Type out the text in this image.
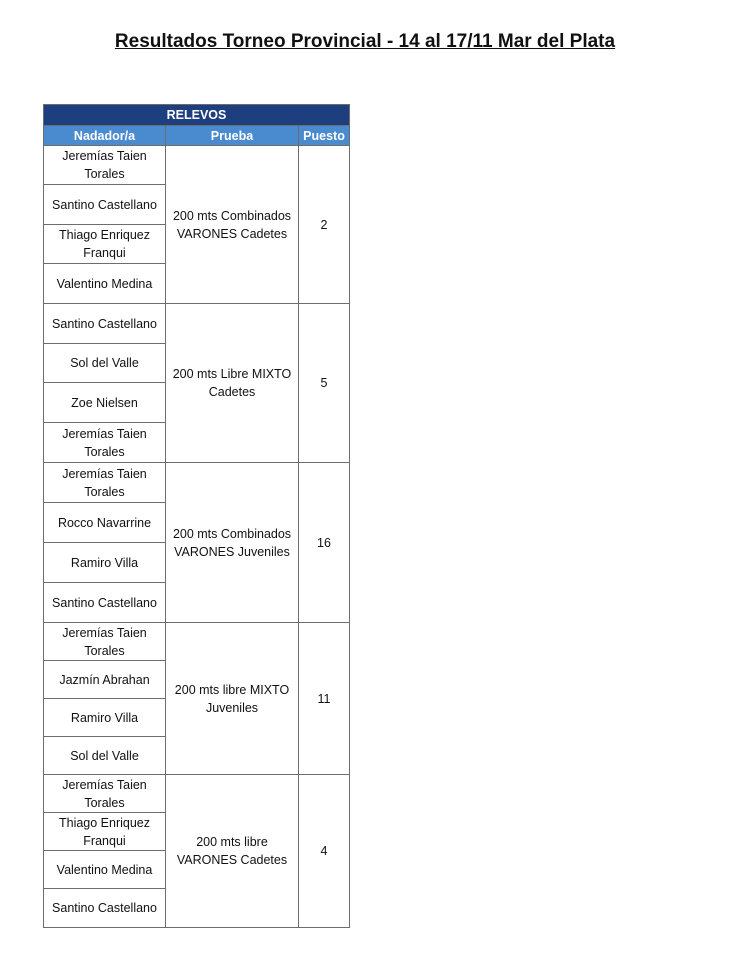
Resultados Torneo Provincial - 14 al 17/11 Mar del Plata
RELEVOS		
Nadador/a	Prueba	Puesto
Jeremías Taien Torales	200 mts Combinados VARONES Cadetes	2
Santino Castellano		
Thiago Enriquez Franqui		
Valentino Medina		
Santino Castellano	200 mts Libre MIXTO Cadetes	5
Sol del Valle		
Zoe Nielsen		
Jeremías Taien Torales		
Jeremías Taien Torales	200 mts Combinados VARONES Juveniles	16
Rocco Navarrine		
Ramiro Villa		
Santino Castellano		
Jeremías Taien Torales	200 mts libre MIXTO Juveniles	11
Jazmín Abrahan		
Ramiro Villa		
Sol del Valle		
Jeremías Taien Torales	200 mts libre VARONES Cadetes	4
Thiago Enriquez Franqui		
Valentino Medina		
Santino Castellano		
